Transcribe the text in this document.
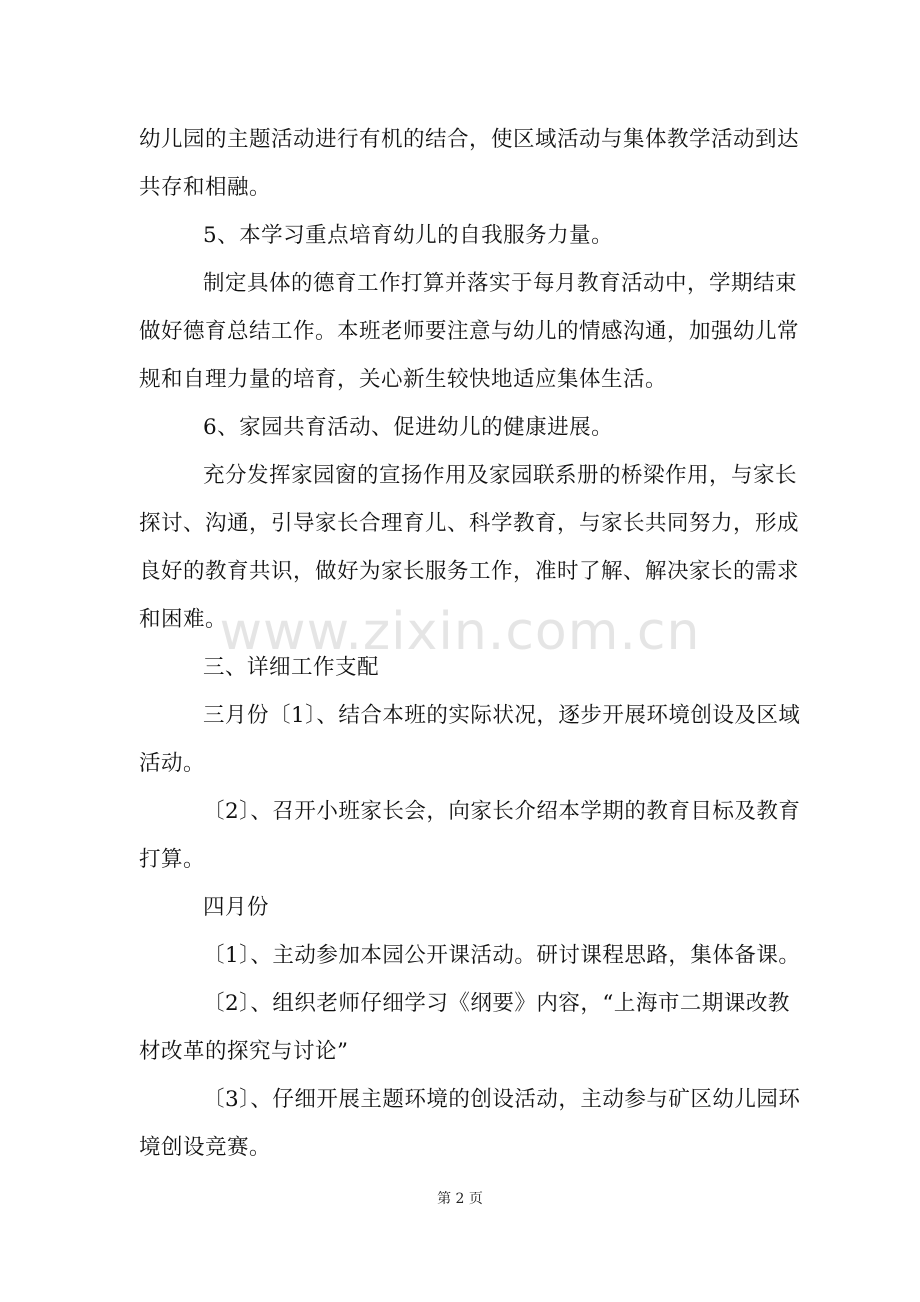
幼儿园的主题活动进行有机的结合，使区域活动与集体教学活动到达
共存和相融。
5、本学习重点培育幼儿的自我服务力量。
制定具体的德育工作打算并落实于每月教育活动中，学期结束
做好德育总结工作。本班老师要注意与幼儿的情感沟通，加强幼儿常
规和自理力量的培育，关心新生较快地适应集体生活。
6、家园共育活动、促进幼儿的健康进展。
充分发挥家园窗的宣扬作用及家园联系册的桥梁作用，与家长
探讨、沟通，引导家长合理育儿、科学教育，与家长共同努力，形成
良好的教育共识，做好为家长服务工作，准时了解、解决家长的需求
和困难。
三、详细工作支配
三月份〔1〕、结合本班的实际状况，逐步开展环境创设及区域
活动。
〔2〕、召开小班家长会，向家长介绍本学期的教育目标及教育
打算。
四月份
〔1〕、主动参加本园公开课活动。研讨课程思路，集体备课。
〔2〕、组织老师仔细学习《纲要》内容，“上海市二期课改教
材改革的探究与讨论”
〔3〕、仔细开展主题环境的创设活动，主动参与矿区幼儿园环
境创设竞赛。
www.zixin.com.cn
第 2 页
